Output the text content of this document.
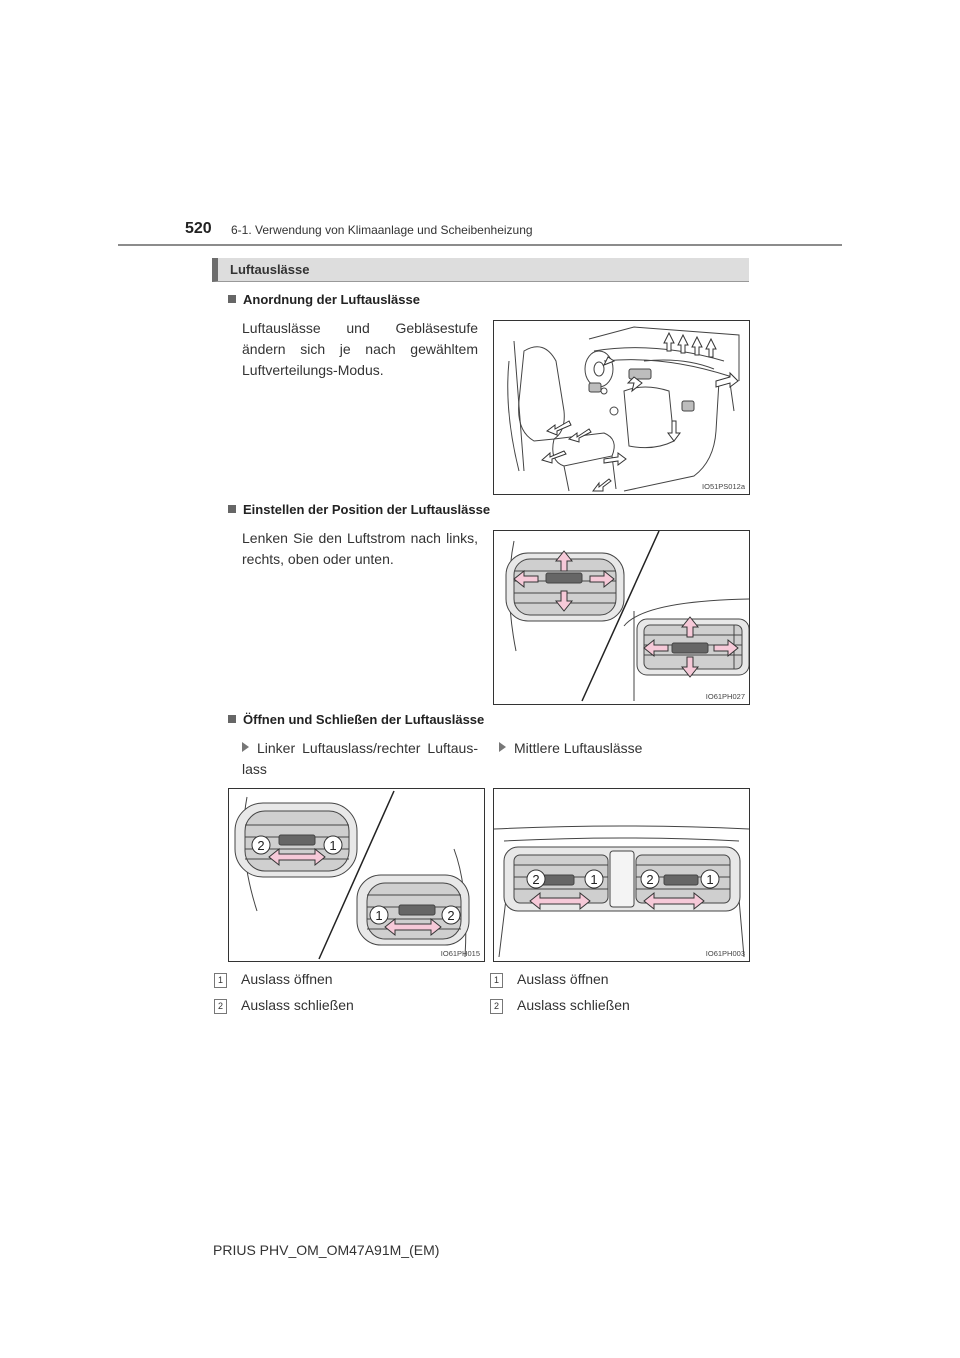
520 6-1. Verwendung von Klimaanlage und Scheibenheizung
Luftauslässe
Anordnung der Luftauslässe
Luftauslässe und Gebläsestufe ändern sich je nach gewähltem Luftverteilungs-Modus.
IO51PS012a
Einstellen der Position der Luftauslässe
Lenken Sie den Luftstrom nach links, rechts, oben oder unten.
IO61PH027
Öffnen und Schließen der Luftauslässe
Linker Luftauslass/rechter Luftaus-lass
Mittlere Luftauslässe
2	1
1	2
IO61PH015
2	1	2	1
IO61PH003
1 Auslass öffnen
2 Auslass schließen
1 Auslass öffnen
2 Auslass schließen
PRIUS PHV_OM_OM47A91M_(EM)
